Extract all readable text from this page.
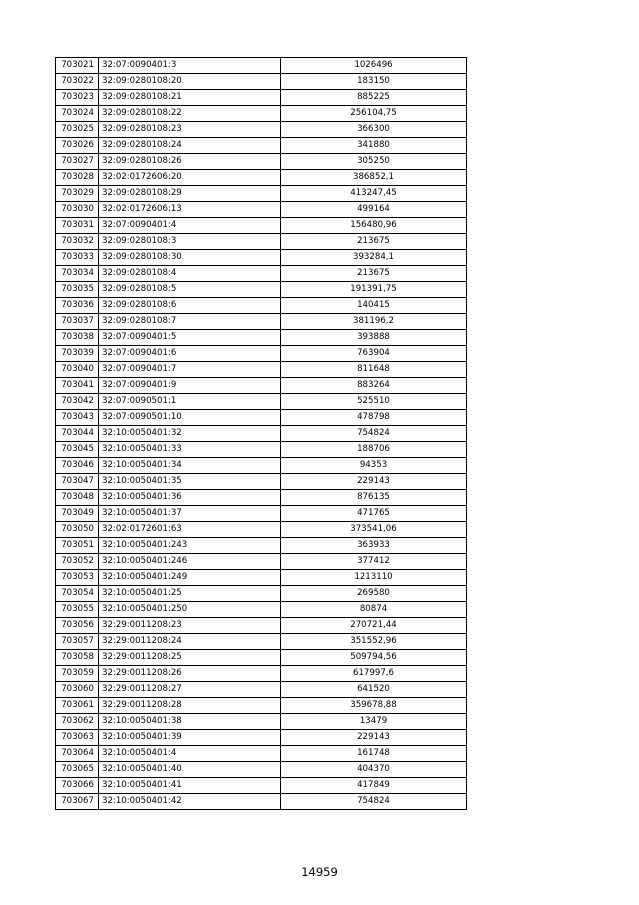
703021	32:07:0090401:3	1026496
703022	32:09:0280108:20	183150
703023	32:09:0280108:21	885225
703024	32:09:0280108:22	256104,75
703025	32:09:0280108:23	366300
703026	32:09:0280108:24	341880
703027	32:09:0280108:26	305250
703028	32:02:0172606:20	386852,1
703029	32:09:0280108:29	413247,45
703030	32:02:0172606:13	499164
703031	32:07:0090401:4	156480,96
703032	32:09:0280108:3	213675
703033	32:09:0280108:30	393284,1
703034	32:09:0280108:4	213675
703035	32:09:0280108:5	191391,75
703036	32:09:0280108:6	140415
703037	32:09:0280108:7	381196,2
703038	32:07:0090401:5	393888
703039	32:07:0090401:6	763904
703040	32:07:0090401:7	811648
703041	32:07:0090401:9	883264
703042	32:07:0090501:1	525510
703043	32:07:0090501:10	478798
703044	32:10:0050401:32	754824
703045	32:10:0050401:33	188706
703046	32:10:0050401:34	94353
703047	32:10:0050401:35	229143
703048	32:10:0050401:36	876135
703049	32:10:0050401:37	471765
703050	32:02:0172601:63	373541,06
703051	32:10:0050401:243	363933
703052	32:10:0050401:246	377412
703053	32:10:0050401:249	1213110
703054	32:10:0050401:25	269580
703055	32:10:0050401:250	80874
703056	32:29:0011208:23	270721,44
703057	32:29:0011208:24	351552,96
703058	32:29:0011208:25	509794,56
703059	32:29:0011208:26	617997,6
703060	32:29:0011208:27	641520
703061	32:29:0011208:28	359678,88
703062	32:10:0050401:38	13479
703063	32:10:0050401:39	229143
703064	32:10:0050401:4	161748
703065	32:10:0050401:40	404370
703066	32:10:0050401:41	417849
703067	32:10:0050401:42	754824
14959
